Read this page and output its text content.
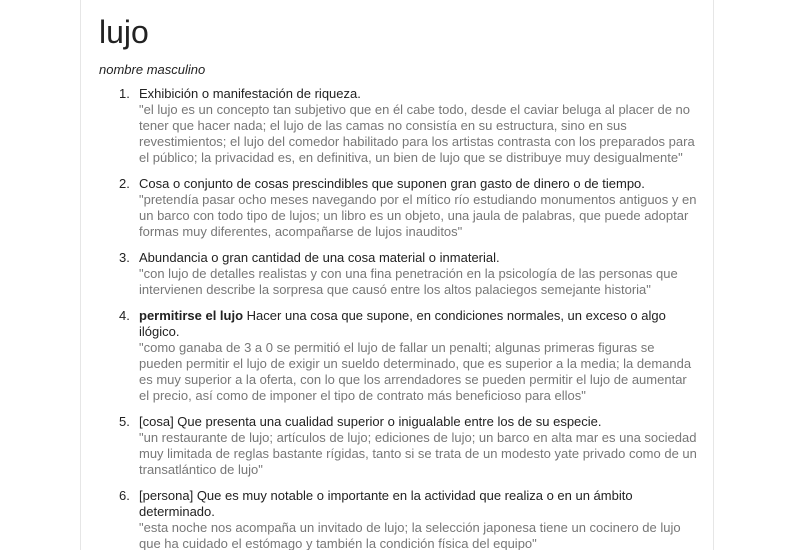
lujo
nombre masculino
1. Exhibición o manifestación de riqueza.
"el lujo es un concepto tan subjetivo que en él cabe todo, desde el caviar beluga al placer de no tener que hacer nada; el lujo de las camas no consistía en su estructura, sino en sus revestimientos; el lujo del comedor habilitado para los artistas contrasta con los preparados para el público; la privacidad es, en definitiva, un bien de lujo que se distribuye muy desigualmente"
2. Cosa o conjunto de cosas prescindibles que suponen gran gasto de dinero o de tiempo.
"pretendía pasar ocho meses navegando por el mítico río estudiando monumentos antiguos y en un barco con todo tipo de lujos; un libro es un objeto, una jaula de palabras, que puede adoptar formas muy diferentes, acompañarse de lujos inauditos"
3. Abundancia o gran cantidad de una cosa material o inmaterial.
"con lujo de detalles realistas y con una fina penetración en la psicología de las personas que intervienen describe la sorpresa que causó entre los altos palaciegos semejante historia"
4. permitirse el lujo Hacer una cosa que supone, en condiciones normales, un exceso o algo ilógico.
"como ganaba de 3 a 0 se permitió el lujo de fallar un penalti; algunas primeras figuras se pueden permitir el lujo de exigir un sueldo determinado, que es superior a la media; la demanda es muy superior a la oferta, con lo que los arrendadores se pueden permitir el lujo de aumentar el precio, así como de imponer el tipo de contrato más beneficioso para ellos"
5. [cosa] Que presenta una cualidad superior o inigualable entre los de su especie.
"un restaurante de lujo; artículos de lujo; ediciones de lujo; un barco en alta mar es una sociedad muy limitada de reglas bastante rígidas, tanto si se trata de un modesto yate privado como de un transatlántico de lujo"
6. [persona] Que es muy notable o importante en la actividad que realiza o en un ámbito determinado.
"esta noche nos acompaña un invitado de lujo; la selección japonesa tiene un cocinero de lujo que ha cuidado el estómago y también la condición física del equipo"
